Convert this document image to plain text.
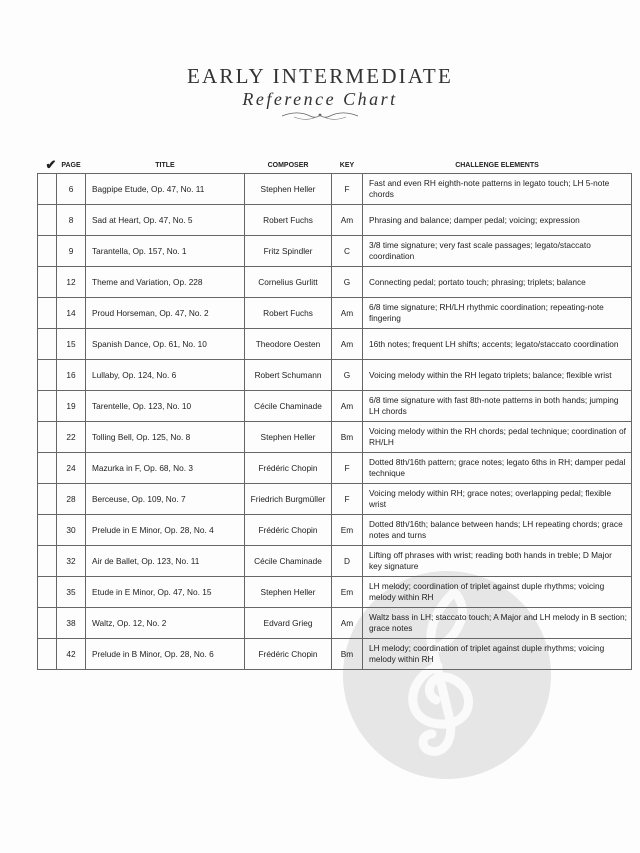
EARLY INTERMEDIATE
Reference Chart
✔	PAGE	TITLE	COMPOSER	KEY	CHALLENGE ELEMENTS
	6	Bagpipe Etude, Op. 47, No. 11	Stephen Heller	F	Fast and even RH eighth-note patterns in legato touch; LH 5-note chords
	8	Sad at Heart, Op. 47, No. 5	Robert Fuchs	Am	Phrasing and balance; damper pedal; voicing; expression
	9	Tarantella, Op. 157, No. 1	Fritz Spindler	C	3/8 time signature; very fast scale passages; legato/staccato coordination
	12	Theme and Variation, Op. 228	Cornelius Gurlitt	G	Connecting pedal; portato touch; phrasing; triplets; balance
	14	Proud Horseman, Op. 47, No. 2	Robert Fuchs	Am	6/8 time signature; RH/LH rhythmic coordination; repeating-note fingering
	15	Spanish Dance, Op. 61, No. 10	Theodore Oesten	Am	16th notes; frequent LH shifts; accents; legato/staccato coordination
	16	Lullaby, Op. 124, No. 6	Robert Schumann	G	Voicing melody within the RH legato triplets; balance; flexible wrist
	19	Tarentelle, Op. 123, No. 10	Cécile Chaminade	Am	6/8 time signature with fast 8th-note patterns in both hands; jumping LH chords
	22	Tolling Bell, Op. 125, No. 8	Stephen Heller	Bm	Voicing melody within the RH chords; pedal technique; coordination of RH/LH
	24	Mazurka in F, Op. 68, No. 3	Frédéric Chopin	F	Dotted 8th/16th pattern; grace notes; legato 6ths in RH; damper pedal technique
	28	Berceuse, Op. 109, No. 7	Friedrich Burgmüller	F	Voicing melody within RH; grace notes; overlapping pedal; flexible wrist
	30	Prelude in E Minor, Op. 28, No. 4	Frédéric Chopin	Em	Dotted 8th/16th; balance between hands; LH repeating chords; grace notes and turns
	32	Air de Ballet, Op. 123, No. 11	Cécile Chaminade	D	Lifting off phrases with wrist; reading both hands in treble; D Major key signature
	35	Etude in E Minor, Op. 47, No. 15	Stephen Heller	Em	LH melody; coordination of triplet against duple rhythms; voicing melody within RH
	38	Waltz, Op. 12, No. 2	Edvard Grieg	Am	Waltz bass in LH; staccato touch; A Major and LH melody in B section; grace notes
	42	Prelude in B Minor, Op. 28, No. 6	Frédéric Chopin	Bm	LH melody; coordination of triplet against duple rhythms; voicing melody within RH
